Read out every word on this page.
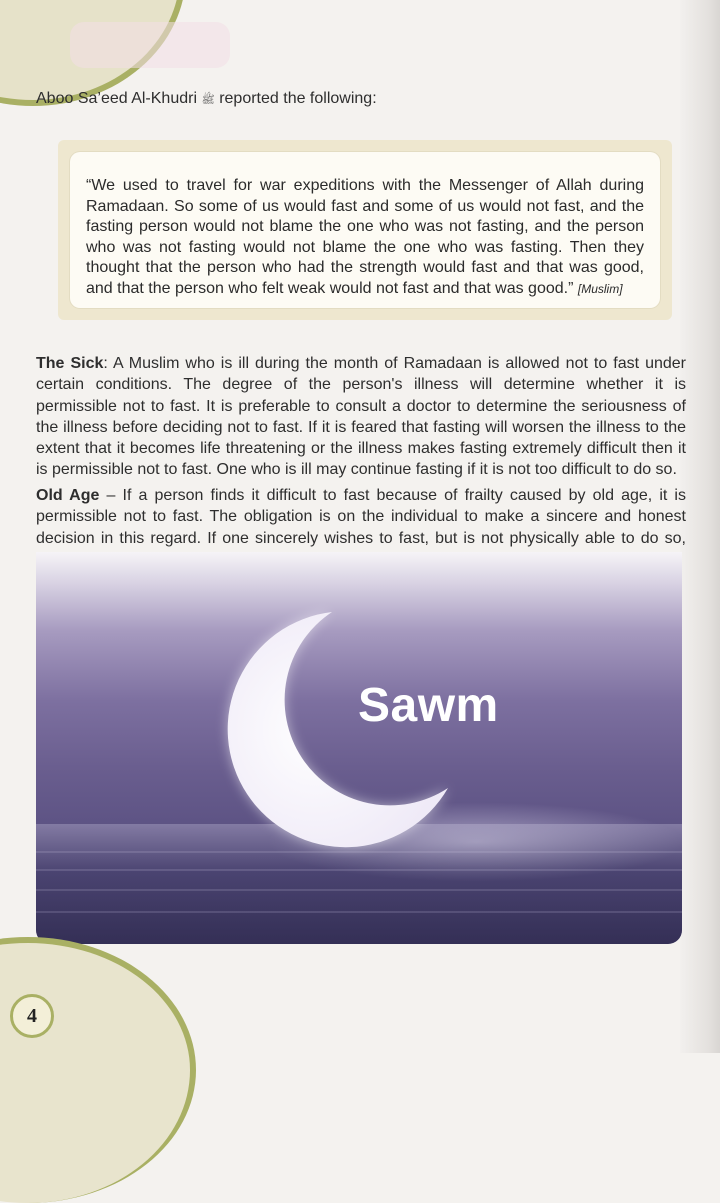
Aboo Sa’eed Al-Khudri ﷺ reported the following:
“We used to travel for war expeditions with the Messenger of Allah during Ramadaan. So some of us would fast and some of us would not fast, and the fasting person would not blame the one who was not fasting, and the person who was not fasting would not blame the one who was fasting. Then they thought that the person who had the strength would fast and that was good, and that the person who felt weak would not fast and that was good.” [Muslim]
The Sick: A Muslim who is ill during the month of Ramadaan is allowed not to fast under certain conditions. The degree of the person's illness will determine whether it is permissible not to fast. It is preferable to consult a doctor to determine the seriousness of the illness before deciding not to fast. If it is feared that fasting will worsen the illness to the extent that it becomes life threatening or the illness makes fasting extremely difficult then it is permissible not to fast. One who is ill may continue fasting if it is not too difficult to do so.
Old Age – If a person finds it difficult to fast because of frailty caused by old age, it is permissible not to fast. The obligation is on the individual to make a sincere and honest decision in this regard. If one sincerely wishes to fast, but is not physically able to do so,
Sawm
4
